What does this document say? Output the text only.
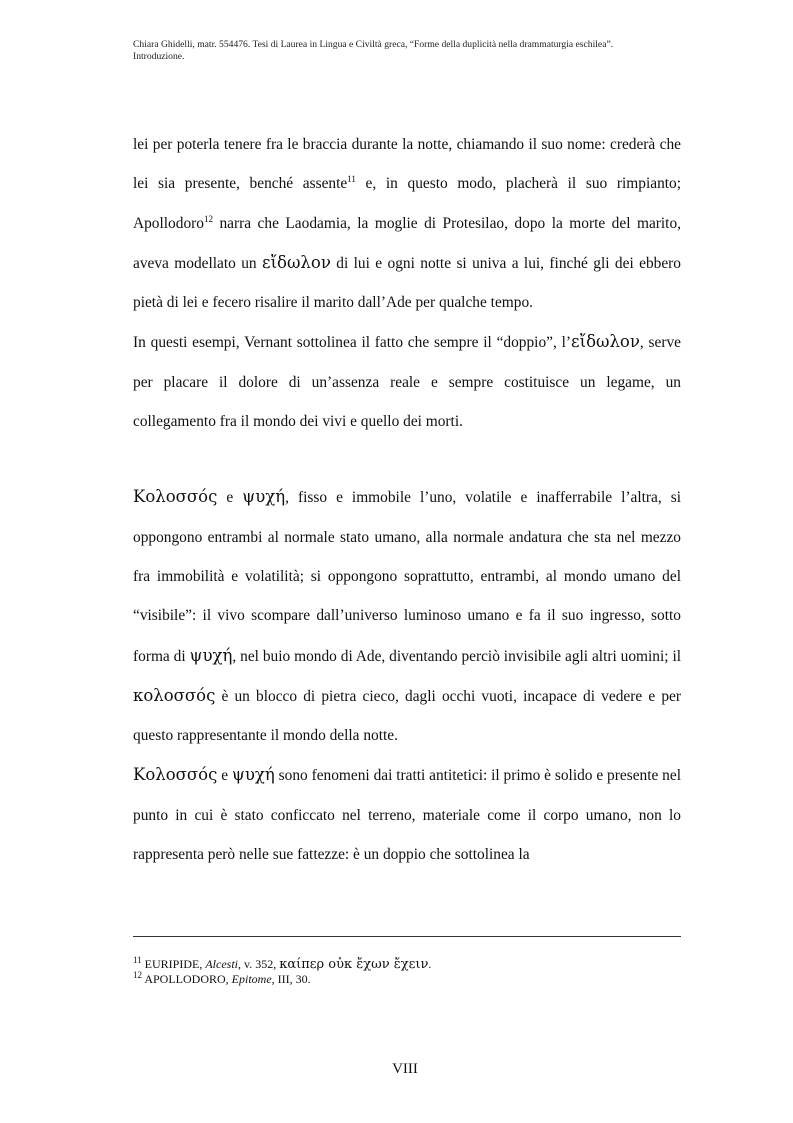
Chiara Ghidelli, matr. 554476. Tesi di Laurea in Lingua e Civiltà greca, “Forme della duplicità nella drammaturgia eschilea”.
Introduzione.

lei per poterla tenere fra le braccia durante la notte, chiamando il suo nome: crederà che lei sia presente, benché assente$^{11}$ e, in questo modo, placherà il suo rimpianto; Apollodoro$^{12}$ narra che Laodamia, la moglie di Protesilao, dopo la morte del marito, aveva modellato un εἴδωλον di lui e ogni notte si univa a lui, finché gli dei ebbero pietà di lei e fecero risalire il marito dall’Ade per qualche tempo.

In questi esempi, Vernant sottolinea il fatto che sempre il “doppio”, l’εἴδωλον, serve per placare il dolore di un’assenza reale e sempre costituisce un legame, un collegamento fra il mondo dei vivi e quello dei morti.

Κολοσσός e ψυχή, fisso e immobile l’uno, volatile e inafferrabile l’altra, si oppongono entrambi al normale stato umano, alla normale andatura che sta nel mezzo fra immobilità e volatilità; si oppongono soprattutto, entrambi, al mondo umano del “visibile”: il vivo scompare dall’universo luminoso umano e fa il suo ingresso, sotto forma di ψυχή, nel buio mondo di Ade, diventando perciò invisibile agli altri uomini; il κολοσσός è un blocco di pietra cieco, dagli occhi vuoti, incapace di vedere e per questo rappresentante il mondo della notte.

Κολοσσός e ψυχή sono fenomeni dai tratti antitetici: il primo è solido e presente nel punto in cui è stato conficcato nel terreno, materiale come il corpo umano, non lo rappresenta però nelle sue fattezze: è un doppio che sottolinea la

$^{11}$ EURIPIDE, Alcesti, v. 352, καίπερ οὐκ ἔχων ἔχειν.
$^{12}$ APOLLODORO, Epitome, III, 30.
VIII
